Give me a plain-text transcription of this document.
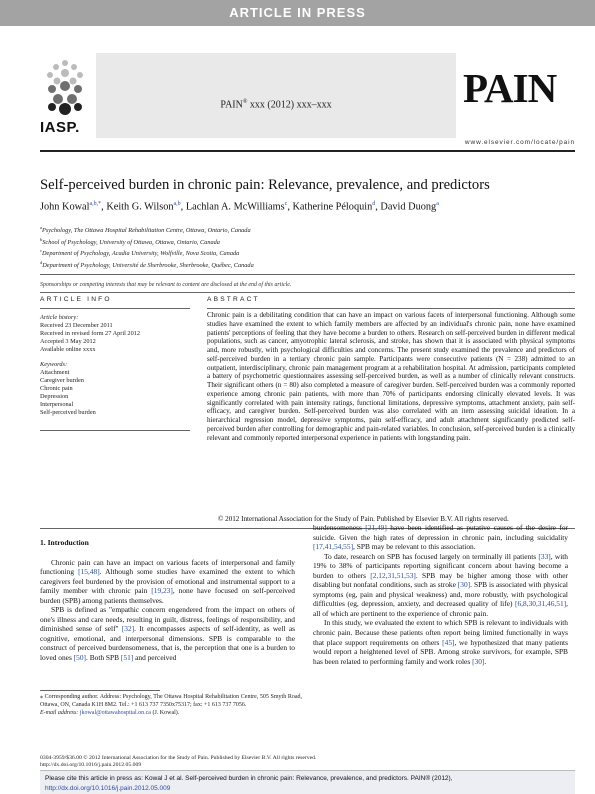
ARTICLE IN PRESS
IASP.
PAIN® xxx (2012) xxx–xxx	PAIN
www.elsevier.com/locate/pain
Self-perceived burden in chronic pain: Relevance, prevalence, and predictors
John Kowal$^{a,b,*}$, Keith G. Wilson$^{a,b}$, Lachlan A. McWilliams$^c$, Katherine Péloquin$^d$, David Duong$^a$
$^a$Psychology, The Ottawa Hospital Rehabilitation Centre, Ottawa, Ontario, Canada
$^b$School of Psychology, University of Ottawa, Ottawa, Ontario, Canada
$^c$Department of Psychology, Acadia University, Wolfville, Nova Scotia, Canada
$^d$Department of Psychology, Université de Sherbrooke, Sherbrooke, Québec, Canada
Sponsorships or competing interests that may be relevant to content are disclosed at the end of this article.
ARTICLE INFO	ABSTRACT
Article history:
Received 23 December 2011
Received in revised form 27 April 2012
Accepted 3 May 2012
Available online xxxx
Keywords:
Attachment
Caregiver burden
Chronic pain
Depression
Interpersonal
Self-perceived burden
Chronic pain is a debilitating condition that can have an impact on various facets of interpersonal functioning. Although some studies have examined the extent to which family members are affected by an individual's chronic pain, none have examined patients' perceptions of feeling that they have become a burden to others. Research on self-perceived burden in different medical populations, such as cancer, amyotrophic lateral sclerosis, and stroke, has shown that it is associated with physical symptoms and, more robustly, with psychological difficulties and concerns. The present study examined the prevalence and predictors of self-perceived burden in a tertiary chronic pain sample. Participants were consecutive patients (N = 238) admitted to an outpatient, interdisciplinary, chronic pain management program at a rehabilitation hospital. At admission, participants completed a battery of psychometric questionnaires assessing self-perceived burden, as well as a number of clinically relevant constructs. Their significant others (n = 80) also completed a measure of caregiver burden. Self-perceived burden was a commonly reported experience among chronic pain patients, with more than 70% of participants endorsing clinically elevated levels. It was significantly correlated with pain intensity ratings, functional limitations, depressive symptoms, attachment anxiety, pain self-efficacy, and caregiver burden. Self-perceived burden was also correlated with an item assessing suicidal ideation. In a hierarchical regression model, depressive symptoms, pain self-efficacy, and adult attachment significantly predicted self-perceived burden after controlling for demographic and pain-related variables. In conclusion, self-perceived burden is a clinically relevant and commonly reported interpersonal experience in patients with longstanding pain.
© 2012 International Association for the Study of Pain. Published by Elsevier B.V. All rights reserved.
1. Introduction

Chronic pain can have an impact on various facets of interpersonal and family functioning [15,48]. Although some studies have examined the extent to which caregivers feel burdened by the provision of emotional and instrumental support to a family member with chronic pain [19,23], none have focused on self-perceived burden (SPB) among patients themselves.

SPB is defined as "empathic concern engendered from the impact on others of one's illness and care needs, resulting in guilt, distress, feelings of responsibility, and diminished sense of self" [32]. It encompasses aspects of self-identity, as well as cognitive, emotional, and interpersonal dimensions. SPB is comparable to the construct of perceived burdensomeness, that is, the perception that one is a burden to loved ones [50]. Both SPB [51] and perceived

burdensomeness [21,49] have been identified as putative causes of the desire for suicide. Given the high rates of depression in chronic pain, including suicidality [17,41,54,55], SPB may be relevant to this association.

To date, research on SPB has focused largely on terminally ill patients [33], with 19% to 38% of participants reporting significant concern about having become a burden to others [2,12,31,51,53]. SPB may be higher among those with other disabling but nonfatal conditions, such as stroke [30]. SPB is associated with physical symptoms (eg, pain and physical weakness) and, more robustly, with psychological difficulties (eg, depression, anxiety, and decreased quality of life) [6,8,30,31,46,51], all of which are pertinent to the experience of chronic pain.

In this study, we evaluated the extent to which SPB is relevant to individuals with chronic pain. Because these patients often report being limited functionally in ways that place support requirements on others [45], we hypothesized that many patients would report a heightened level of SPB. Among stroke survivors, for example, SPB has been related to performing family and work roles [30].

⁎ Corresponding author. Address: Psychology, The Ottawa Hospital Rehabilitation Centre, 505 Smyth Road, Ottawa, ON, Canada K1H 8M2. Tel.: +1 613 737 7350x75317; fax: +1 613 737 7056.
E-mail address: jkowal@ottawahospital.on.ca (J. Kowal).
0304-3959/$36.00 © 2012 International Association for the Study of Pain. Published by Elsevier B.V. All rights reserved.
http://dx.doi.org/10.1016/j.pain.2012.05.009
Please cite this article in press as: Kowal J et al. Self-perceived burden in chronic pain: Relevance, prevalence, and predictors. PAIN® (2012), http://dx.doi.org/10.1016/j.pain.2012.05.009
